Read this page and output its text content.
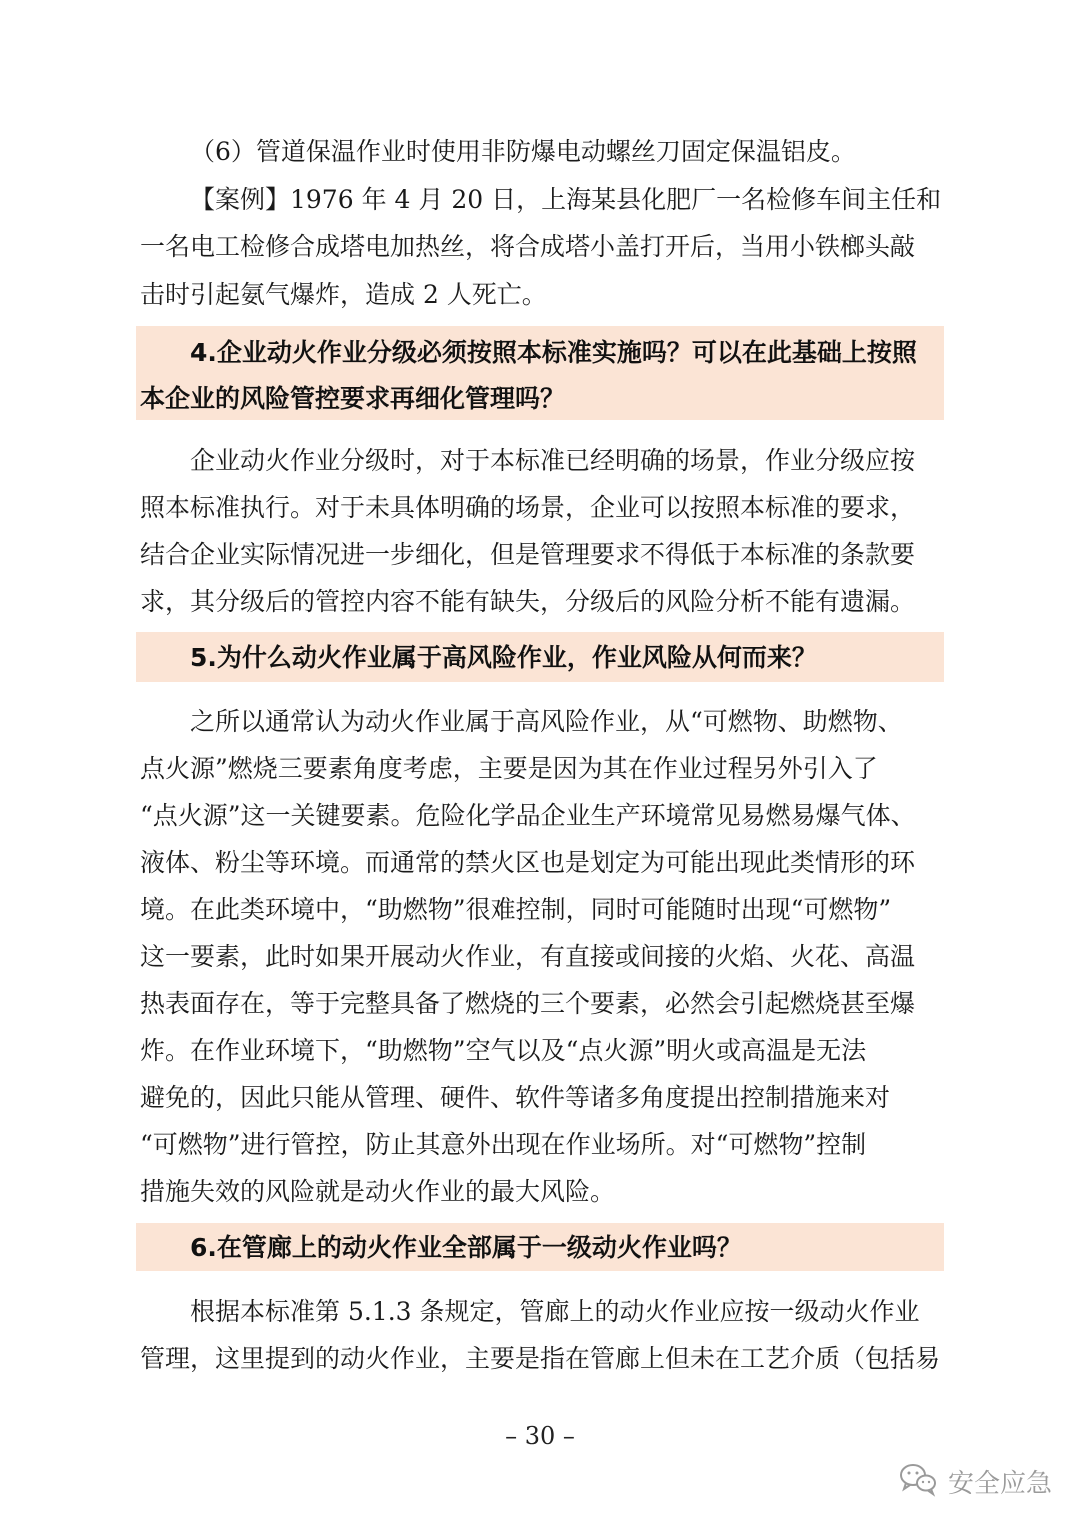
（6）管道保温作业时使用非防爆电动螺丝刀固定保温铝皮。
【案例】1976 年 4 月 20 日，上海某县化肥厂一名检修车间主任和
一名电工检修合成塔电加热丝，将合成塔小盖打开后，当用小铁榔头敲
击时引起氨气爆炸，造成 2 人死亡。
4.企业动火作业分级必须按照本标准实施吗？可以在此基础上按照
本企业的风险管控要求再细化管理吗？
企业动火作业分级时，对于本标准已经明确的场景，作业分级应按
照本标准执行。对于未具体明确的场景，企业可以按照本标准的要求，
结合企业实际情况进一步细化，但是管理要求不得低于本标准的条款要
求，其分级后的管控内容不能有缺失，分级后的风险分析不能有遗漏。
5.为什么动火作业属于高风险作业，作业风险从何而来？
之所以通常认为动火作业属于高风险作业，从“可燃物、助燃物、
点火源”燃烧三要素角度考虑，主要是因为其在作业过程另外引入了
“点火源”这一关键要素。危险化学品企业生产环境常见易燃易爆气体、
液体、粉尘等环境。而通常的禁火区也是划定为可能出现此类情形的环
境。在此类环境中，“助燃物”很难控制，同时可能随时出现“可燃物”
这一要素，此时如果开展动火作业，有直接或间接的火焰、火花、高温
热表面存在，等于完整具备了燃烧的三个要素，必然会引起燃烧甚至爆
炸。在作业环境下，“助燃物”空气以及“点火源”明火或高温是无法
避免的，因此只能从管理、硬件、软件等诸多角度提出控制措施来对
“可燃物”进行管控，防止其意外出现在作业场所。对“可燃物”控制
措施失效的风险就是动火作业的最大风险。
6.在管廊上的动火作业全部属于一级动火作业吗？
根据本标准第 5.1.3 条规定，管廊上的动火作业应按一级动火作业
管理，这里提到的动火作业，主要是指在管廊上但未在工艺介质（包括易
– 30 –
安全应急
